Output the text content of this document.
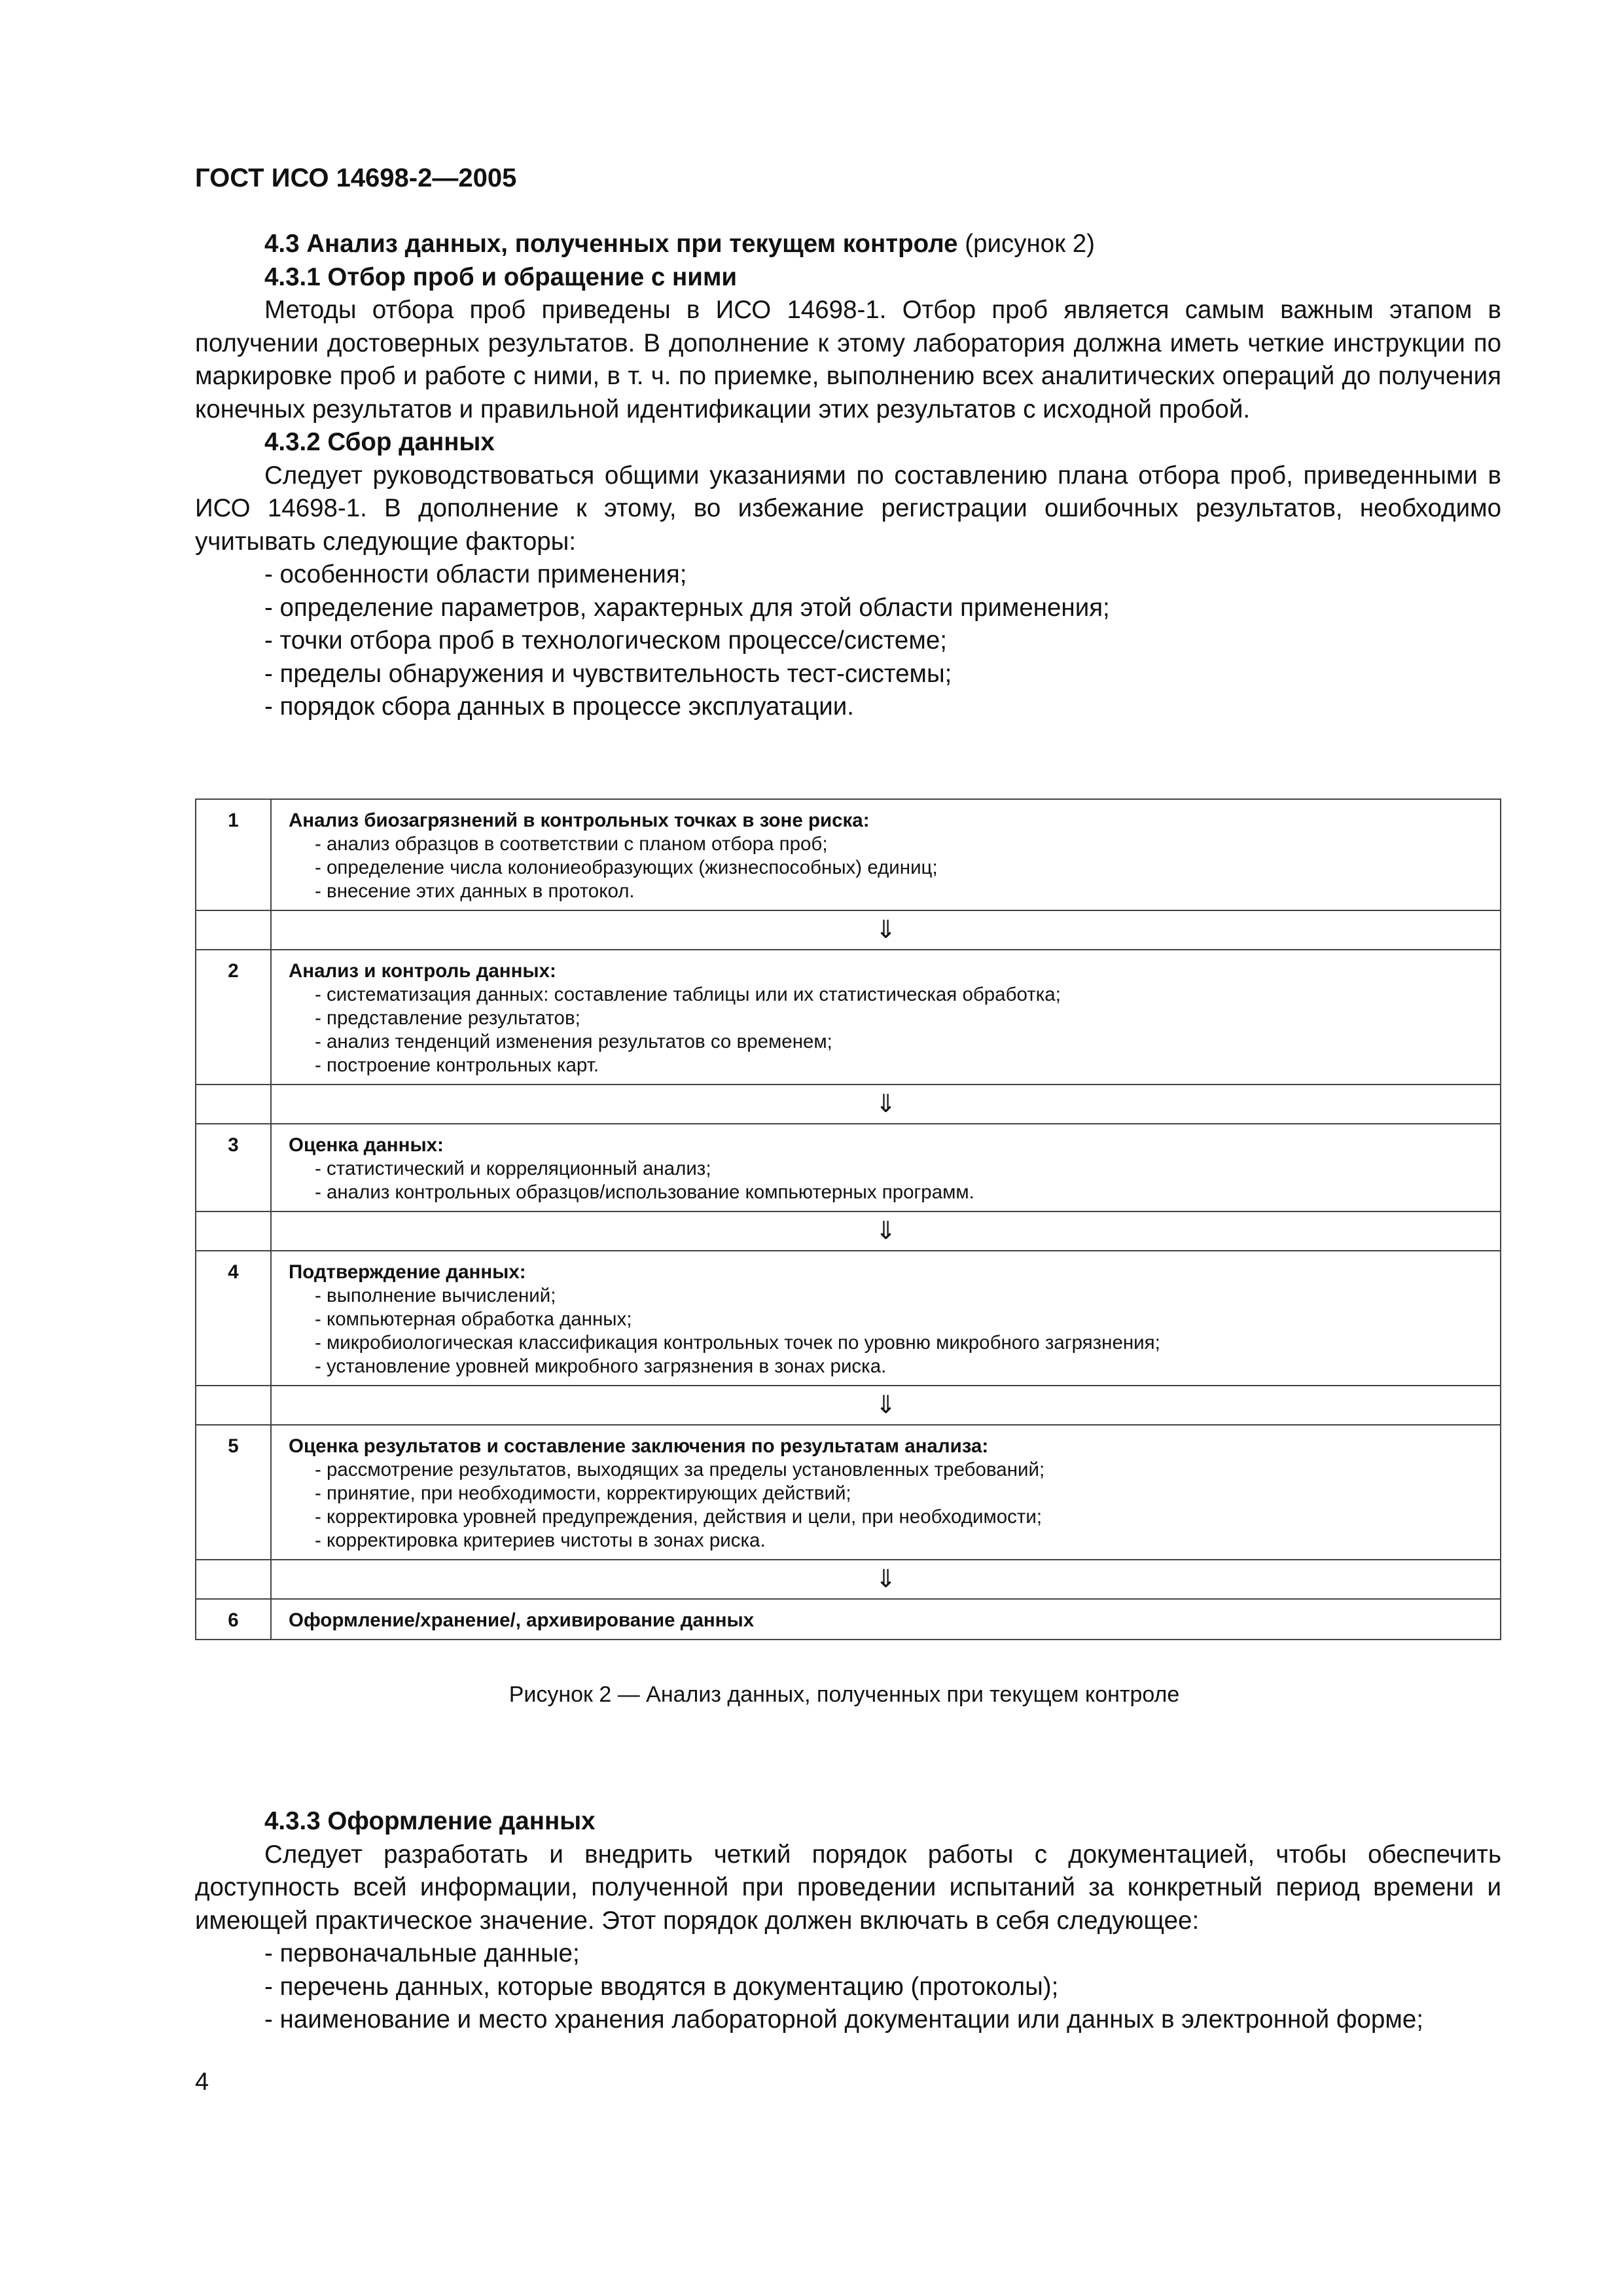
ГОСТ ИСО 14698-2—2005

4.3 Анализ данных, полученных при текущем контроле (рисунок 2)

4.3.1 Отбор проб и обращение с ними

Методы отбора проб приведены в ИСО 14698-1. Отбор проб является самым важным этапом в получении достоверных результатов. В дополнение к этому лаборатория должна иметь четкие инструкции по маркировке проб и работе с ними, в т. ч. по приемке, выполнению всех аналитических операций до получения конечных результатов и правильной идентификации этих результатов с исходной пробой.

4.3.2 Сбор данных

Следует руководствоваться общими указаниями по составлению плана отбора проб, приведенными в ИСО 14698-1. В дополнение к этому, во избежание регистрации ошибочных результатов, необходимо учитывать следующие факторы:

- особенности области применения;

- определение параметров, характерных для этой области применения;

- точки отбора проб в технологическом процессе/системе;

- пределы обнаружения и чувствительность тест-системы;

- порядок сбора данных в процессе эксплуатации.

1	Анализ биозагрязнений в контрольных точках в зоне риска:
- анализ образцов в соответствии с планом отбора проб;
- определение числа колониеобразующих (жизнеспособных) единиц;
- внесение этих данных в протокол.

	⇓
2	Анализ и контроль данных:
- систематизация данных: составление таблицы или их статистическая обработка;
- представление результатов;
- анализ тенденций изменения результатов со временем;
- построение контрольных карт.

	⇓
3	Оценка данных:
- статистический и корреляционный анализ;
- анализ контрольных образцов/использование компьютерных программ.

	⇓
4	Подтверждение данных:
- выполнение вычислений;
- компьютерная обработка данных;
- микробиологическая классификация контрольных точек по уровню микробного загрязнения;
- установление уровней микробного загрязнения в зонах риска.

	⇓
5	Оценка результатов и составление заключения по результатам анализа:
- рассмотрение результатов, выходящих за пределы установленных требований;
- принятие, при необходимости, корректирующих действий;
- корректировка уровней предупреждения, действия и цели, при необходимости;
- корректировка критериев чистоты в зонах риска.

	⇓
6	Оформление/хранение/, архивирование данных
Рисунок 2 — Анализ данных, полученных при текущем контроле

4.3.3 Оформление данных

Следует разработать и внедрить четкий порядок работы с документацией, чтобы обеспечить доступность всей информации, полученной при проведении испытаний за конкретный период времени и имеющей практическое значение. Этот порядок должен включать в себя следующее:

- первоначальные данные;

- перечень данных, которые вводятся в документацию (протоколы);

- наименование и место хранения лабораторной документации или данных в электронной форме;

4
